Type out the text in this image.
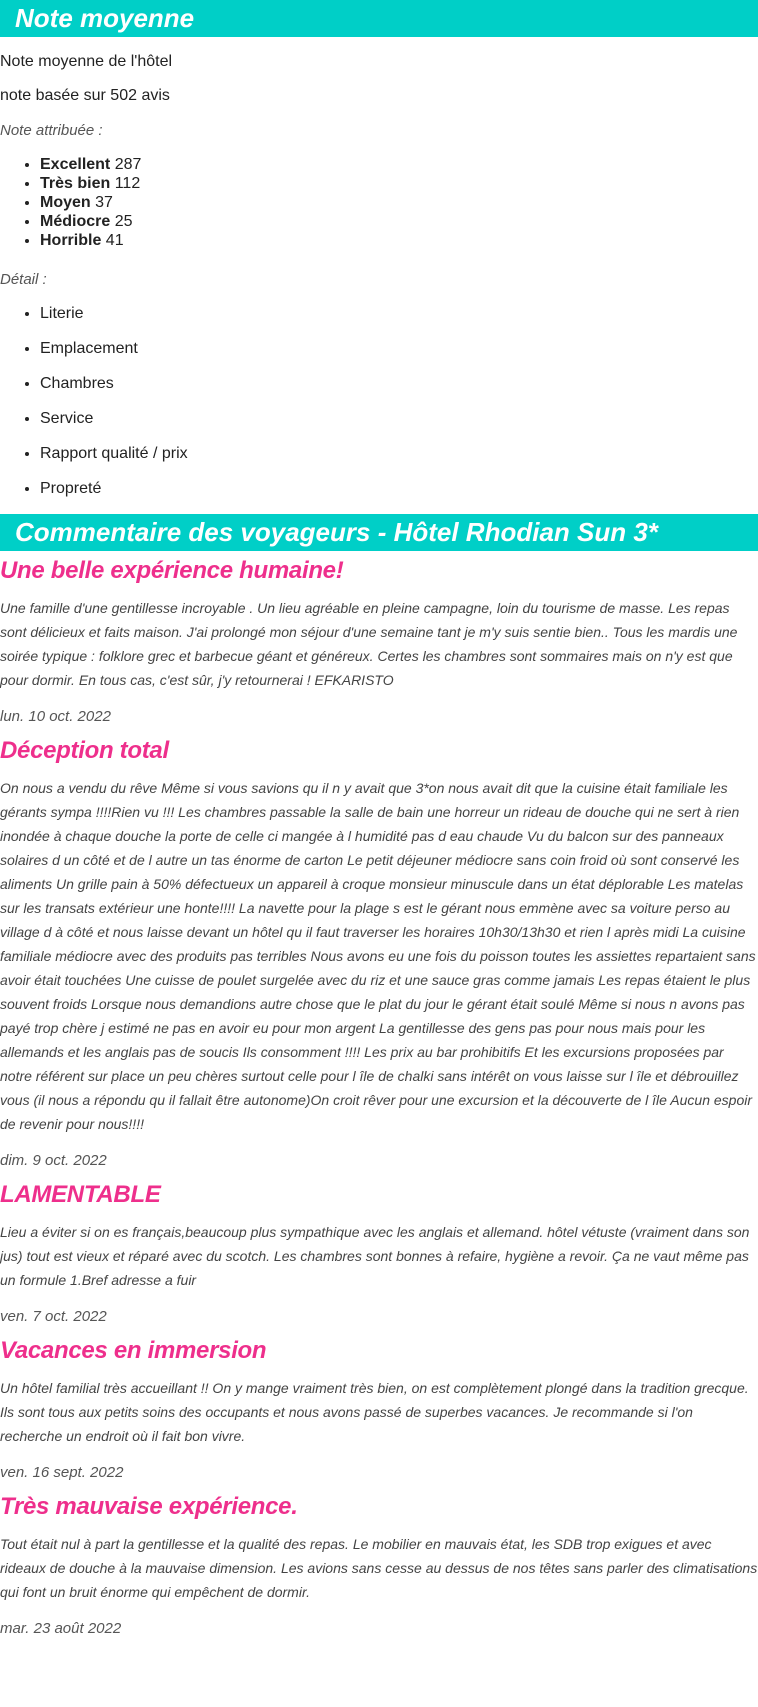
Note moyenne

Note moyenne de l'hôtel

note basée sur 502 avis

Note attribuée :

• Excellent 287
• Très bien 112
• Moyen 37
• Médiocre 25
• Horrible 41

Détail :

• Literie
• Emplacement
• Chambres
• Service
• Rapport qualité / prix
• Propreté
Commentaire des voyageurs - Hôtel Rhodian Sun 3*

Une belle expérience humaine!

Une famille d'une gentillesse incroyable . Un lieu agréable en pleine campagne, loin du tourisme de masse. Les repas sont délicieux et faits maison. J'ai prolongé mon séjour d'une semaine tant je m'y suis sentie bien.. Tous les mardis une soirée typique : folklore grec et barbecue géant et généreux. Certes les chambres sont sommaires mais on n'y est que pour dormir. En tous cas, c'est sûr, j'y retournerai ! EFKARISTO

lun. 10 oct. 2022

Déception total

On nous a vendu du rêve Même si vous savions qu il n y avait que 3*on nous avait dit que la cuisine était familiale les gérants sympa !!!!Rien vu !!! Les chambres passable la salle de bain une horreur un rideau de douche qui ne sert à rien inondée à chaque douche la porte de celle ci mangée à l humidité pas d eau chaude Vu du balcon sur des panneaux solaires d un côté et de l autre un tas énorme de carton Le petit déjeuner médiocre sans coin froid où sont conservé les aliments Un grille pain à 50% défectueux un appareil à croque monsieur minuscule dans un état déplorable Les matelas sur les transats extérieur une honte!!!! La navette pour la plage s est le gérant nous emmène avec sa voiture perso au village d à côté et nous laisse devant un hôtel qu il faut traverser les horaires 10h30/13h30 et rien l après midi La cuisine familiale médiocre avec des produits pas terribles Nous avons eu une fois du poisson toutes les assiettes repartaient sans avoir était touchées Une cuisse de poulet surgelée avec du riz et une sauce gras comme jamais Les repas étaient le plus souvent froids Lorsque nous demandions autre chose que le plat du jour le gérant était soulé Même si nous n avons pas payé trop chère j estimé ne pas en avoir eu pour mon argent La gentillesse des gens pas pour nous mais pour les allemands et les anglais pas de soucis Ils consomment !!!! Les prix au bar prohibitifs Et les excursions proposées par notre référent sur place un peu chères surtout celle pour l île de chalki sans intérêt on vous laisse sur l île et débrouillez vous (il nous a répondu qu il fallait être autonome)On croit rêver pour une excursion et la découverte de l île Aucun espoir de revenir pour nous!!!!

dim. 9 oct. 2022

LAMENTABLE

Lieu a éviter si on es français,beaucoup plus sympathique avec les anglais et allemand. hôtel vétuste (vraiment dans son jus) tout est vieux et réparé avec du scotch. Les chambres sont bonnes à refaire, hygiène a revoir. Ça ne vaut même pas un formule 1.Bref adresse a fuir

ven. 7 oct. 2022

Vacances en immersion

Un hôtel familial très accueillant !! On y mange vraiment très bien, on est complètement plongé dans la tradition grecque. Ils sont tous aux petits soins des occupants et nous avons passé de superbes vacances. Je recommande si l'on recherche un endroit où il fait bon vivre.

ven. 16 sept. 2022

Très mauvaise expérience.

Tout était nul à part la gentillesse et la qualité des repas. Le mobilier en mauvais état, les SDB trop exigues et avec rideaux de douche à la mauvaise dimension. Les avions sans cesse au dessus de nos têtes sans parler des climatisations qui font un bruit énorme qui empêchent de dormir.

mar. 23 août 2022
